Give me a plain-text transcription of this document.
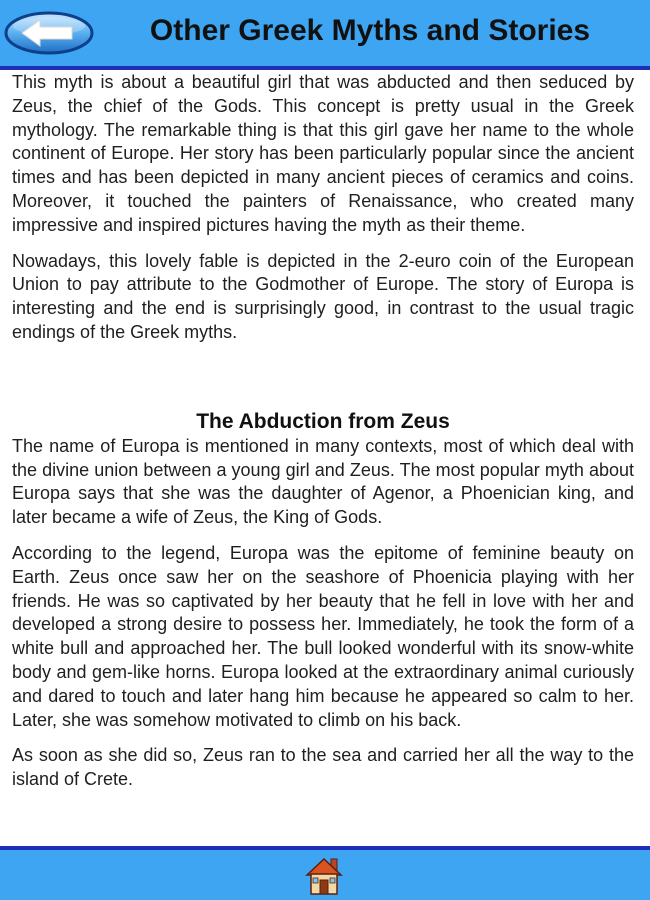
Other Greek Myths and Stories

This myth is about a beautiful girl that was abducted and then seduced by Zeus, the chief of the Gods. This concept is pretty usual in the Greek mythology. The remarkable thing is that this girl gave her name to the whole continent of Europe. Her story has been particularly popular since the ancient times and has been depicted in many ancient pieces of ceramics and coins. Moreover, it touched the painters of Renaissance, who created many impressive and inspired pictures having the myth as their theme.

Nowadays, this lovely fable is depicted in the 2-euro coin of the European Union to pay attribute to the Godmother of Europe. The story of Europa is interesting and the end is surprisingly good, in contrast to the usual tragic endings of the Greek myths.

The Abduction from Zeus

The name of Europa is mentioned in many contexts, most of which deal with the divine union between a young girl and Zeus. The most popular myth about Europa says that she was the daughter of Agenor, a Phoenician king, and later became a wife of Zeus, the King of Gods.

According to the legend, Europa was the epitome of feminine beauty on Earth. Zeus once saw her on the seashore of Phoenicia playing with her friends. He was so captivated by her beauty that he fell in love with her and developed a strong desire to possess her. Immediately, he took the form of a white bull and approached her. The bull looked wonderful with its snow-white body and gem-like horns. Europa looked at the extraordinary animal curiously and dared to touch and later hang him because he appeared so calm to her. Later, she was somehow motivated to climb on his back.

As soon as she did so, Zeus ran to the sea and carried her all the way to the island of Crete.
